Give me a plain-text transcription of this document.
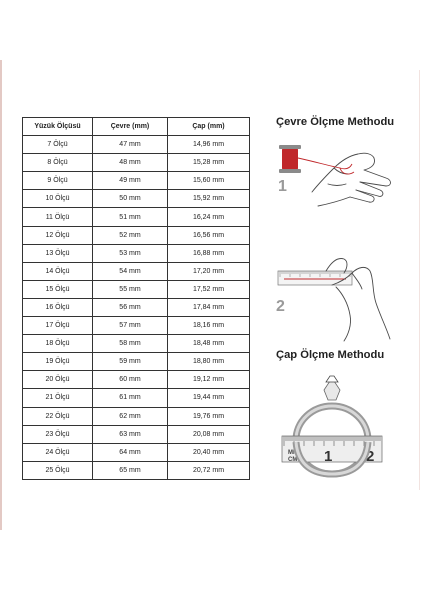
Yüzük Ölçüsü	Çevre (mm)	Çap (mm)
7 Ölçü	47 mm	14,96 mm
8 Ölçü	48 mm	15,28 mm
9 Ölçü	49 mm	15,60 mm
10 Ölçü	50 mm	15,92 mm
11 Ölçü	51 mm	16,24 mm
12 Ölçü	52 mm	16,56 mm
13 Ölçü	53 mm	16,88 mm
14 Ölçü	54 mm	17,20 mm
15 Ölçü	55 mm	17,52 mm
16 Ölçü	56 mm	17,84 mm
17 Ölçü	57 mm	18,16 mm
18 Ölçü	58 mm	18,48 mm
19 Ölçü	59 mm	18,80 mm
20 Ölçü	60 mm	19,12 mm
21 Ölçü	61 mm	19,44 mm
22 Ölçü	62 mm	19,76 mm
23 Ölçü	63 mm	20,08 mm
24 Ölçü	64 mm	20,40 mm
25 Ölçü	65 mm	20,72 mm
Çevre Ölçme Methodu
1
2
Çap Ölçme Methodu
MM
CM 1 2
